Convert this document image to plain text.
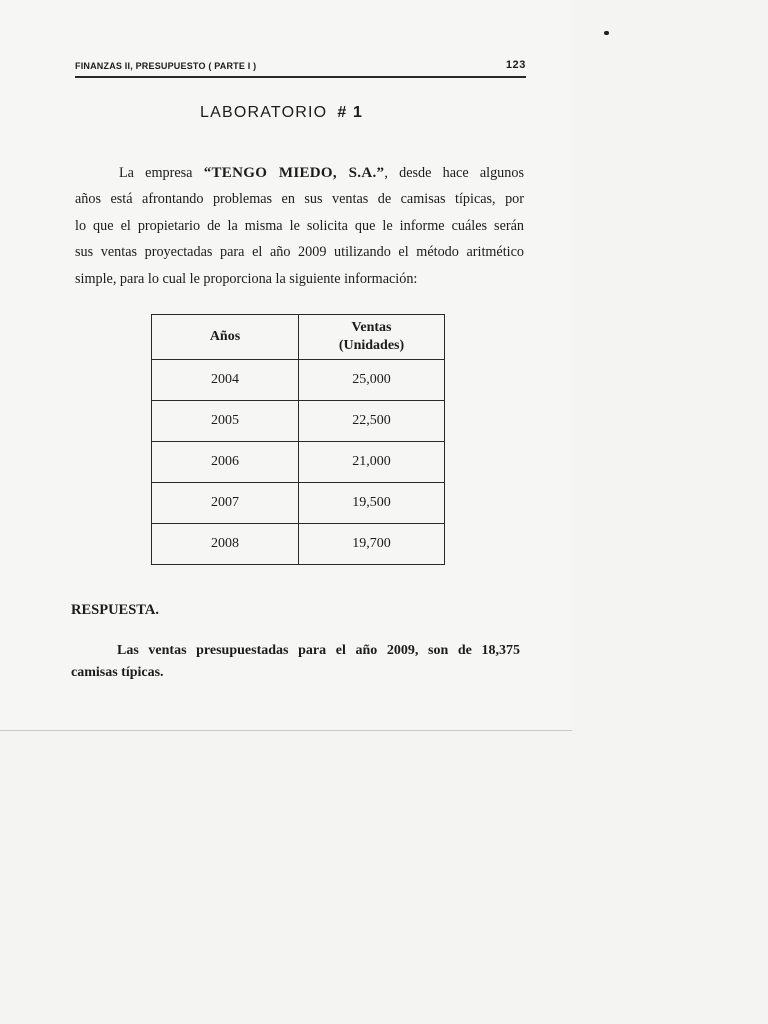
FINANZAS II, PRESUPUESTO ( PARTE I )	123
LABORATORIO # 1

La empresa “TENGO MIEDO, S.A.”, desde hace algunos
años está afrontando problemas en sus ventas de camisas típicas, por
lo que el propietario de la misma le solicita que le informe cuáles serán
sus ventas proyectadas para el año 2009 utilizando el método aritmético
simple, para lo cual le proporciona la siguiente información:

Años	Ventas
(Unidades)
2004	25,000
2005	22,500
2006	21,000
2007	19,500
2008	19,700
RESPUESTA.

Las ventas presupuestadas para el año 2009, son de 18,375
camisas típicas.
